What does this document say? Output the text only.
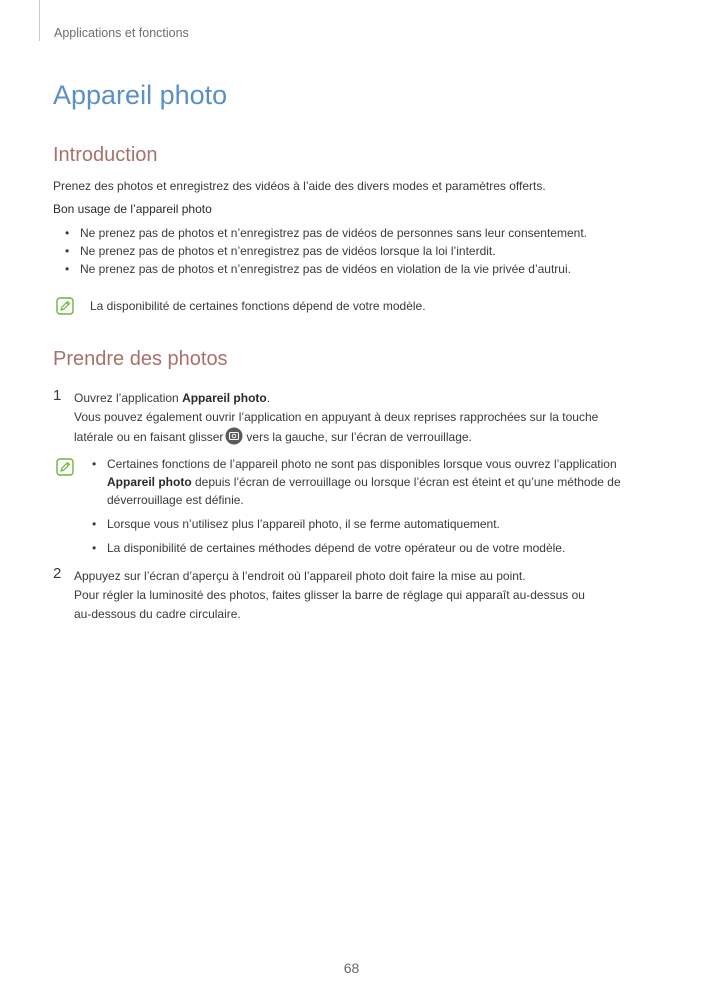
Applications et fonctions
Appareil photo
Introduction
Prenez des photos et enregistrez des vidéos à l’aide des divers modes et paramètres offerts.
Bon usage de l’appareil photo
• Ne prenez pas de photos et n’enregistrez pas de vidéos de personnes sans leur consentement.
• Ne prenez pas de photos et n’enregistrez pas de vidéos lorsque la loi l’interdit.
• Ne prenez pas de photos et n’enregistrez pas de vidéos en violation de la vie privée d’autrui.
La disponibilité de certaines fonctions dépend de votre modèle.
Prendre des photos
1 Ouvrez l’application Appareil photo.
Vous pouvez également ouvrir l’application en appuyant à deux reprises rapprochées sur la touche
latérale ou en faisant glisser vers la gauche, sur l’écran de verrouillage.
• Certaines fonctions de l’appareil photo ne sont pas disponibles lorsque vous ouvrez l’application
Appareil photo depuis l’écran de verrouillage ou lorsque l’écran est éteint et qu’une méthode de
déverrouillage est définie.
• Lorsque vous n’utilisez plus l’appareil photo, il se ferme automatiquement.
• La disponibilité de certaines méthodes dépend de votre opérateur ou de votre modèle.
2 Appuyez sur l’écran d’aperçu à l’endroit où l’appareil photo doit faire la mise au point.
Pour régler la luminosité des photos, faites glisser la barre de réglage qui apparaît au-dessus ou
au-dessous du cadre circulaire.
68
